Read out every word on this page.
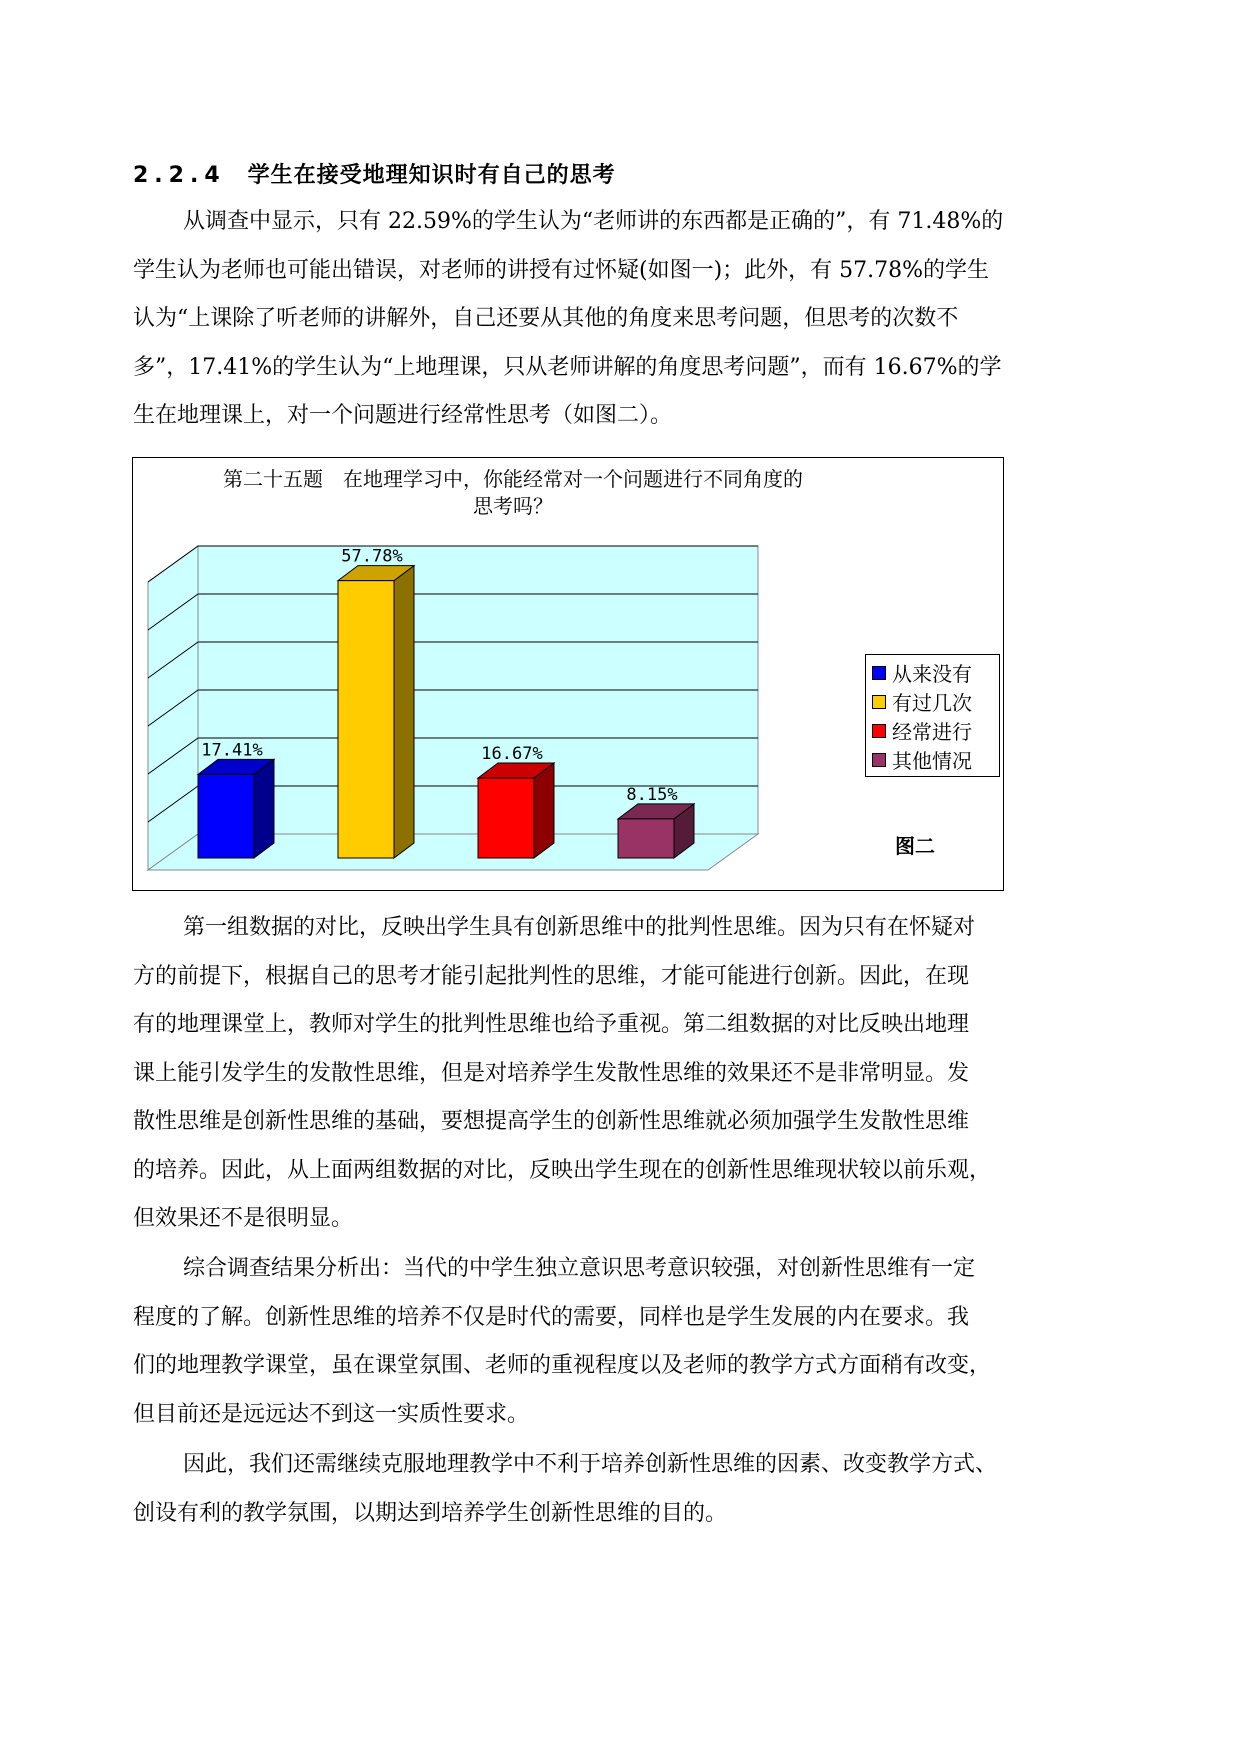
2.2.4 学生在接受地理知识时有自己的思考

从调查中显示，只有 22.59%的学生认为“老师讲的东西都是正确的”，有 71.48%的
学生认为老师也可能出错误，对老师的讲授有过怀疑(如图一)；此外，有 57.78%的学生
认为“上课除了听老师的讲解外，自己还要从其他的角度来思考问题，但思考的次数不
多”，17.41%的学生认为“上地理课，只从老师讲解的角度思考问题”，而有 16.67%的学
生在地理课上，对一个问题进行经常性思考（如图二）。

第二十五题　在地理学习中，你能经常对一个问题进行不同角度的
思考吗？
17.41%
57.78%
16.67%
8.15%
从来没有
有过几次
经常进行
其他情况
图二

第一组数据的对比，反映出学生具有创新思维中的批判性思维。因为只有在怀疑对
方的前提下，根据自己的思考才能引起批判性的思维，才能可能进行创新。因此，在现
有的地理课堂上，教师对学生的批判性思维也给予重视。第二组数据的对比反映出地理
课上能引发学生的发散性思维，但是对培养学生发散性思维的效果还不是非常明显。发
散性思维是创新性思维的基础，要想提高学生的创新性思维就必须加强学生发散性思维
的培养。因此，从上面两组数据的对比，反映出学生现在的创新性思维现状较以前乐观，
但效果还不是很明显。

综合调查结果分析出：当代的中学生独立意识思考意识较强，对创新性思维有一定
程度的了解。创新性思维的培养不仅是时代的需要，同样也是学生发展的内在要求。我
们的地理教学课堂，虽在课堂氛围、老师的重视程度以及老师的教学方式方面稍有改变，
但目前还是远远达不到这一实质性要求。

因此，我们还需继续克服地理教学中不利于培养创新性思维的因素、改变教学方式、
创设有利的教学氛围，以期达到培养学生创新性思维的目的。
